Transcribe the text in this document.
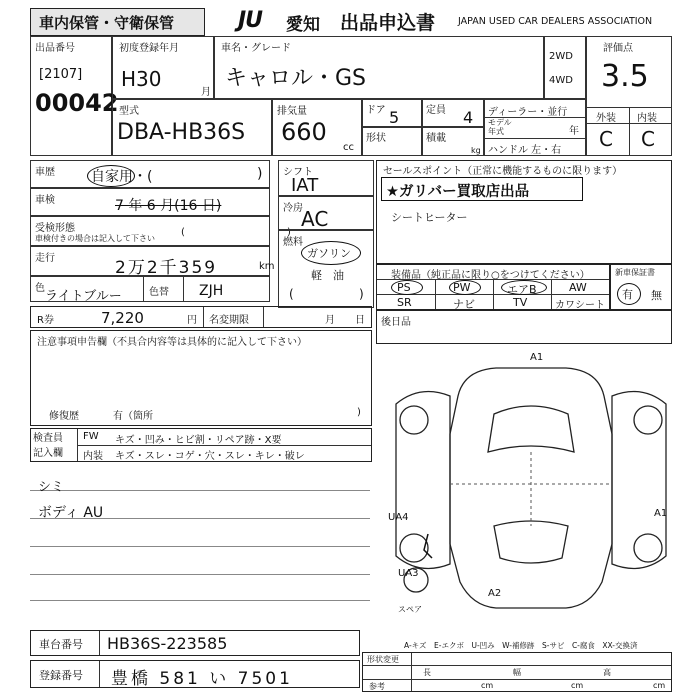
車内保管・守衛保管	JU	愛知 出品申込書 JAPAN USED CAR DEALERS ASSOCIATION
出品番号
[2107]
00042
初度登録年月
H30
月
車名・グレード
キャロル・GS
2WD
4WD
評価点
3.5
外装 内装
C C
型式
DBA-HB36S
排気量
660
cc
ドア 5	定員 4
形状	積載
kg
ディーラー・並行
モデル
年式	年
ハンドル 左・右
車歴	自家用・(	)
車検	7 年 6 月(16 日)
受検形態
車検付きの場合は記入して下さい
(	)
走行	2万2千359	km
色
ライトブルー	色替 ZJH
シフト
IAT
冷房
AC
燃料
ガソリン
軽　油
(	)
セールスポイント（正常に機能するものに限ります）
★ガリバー買取店出品
シートヒーター
装備品（純正品に限り○をつけてください）
PS	PW	エアB	AW
SR	ナビ	TV	カワシート
新車保証書
有 無
R券	7,220	円 名変期限	月 日 後日品
注意事項申告欄（不具合内容等は具体的に記入して下さい）
修復歴	有（箇所	)
検査員
記入欄
FW キズ・凹み・ヒビ割・リペア跡・X要
内装 キズ・スレ・コゲ・穴・スレ・キレ・破レ
シミ
ボディ AU
A1
A1
UA4
UA3
A2
スペア
A-キズ　E-エクボ　U-凹み　W-補修跡　S-サビ　C-腐食　XX-交換済
車台番号 HB36S-223585
登録番号 豊橋 581 い 7501
形状変更
長	幅	高
参考	cm	cm	cm
